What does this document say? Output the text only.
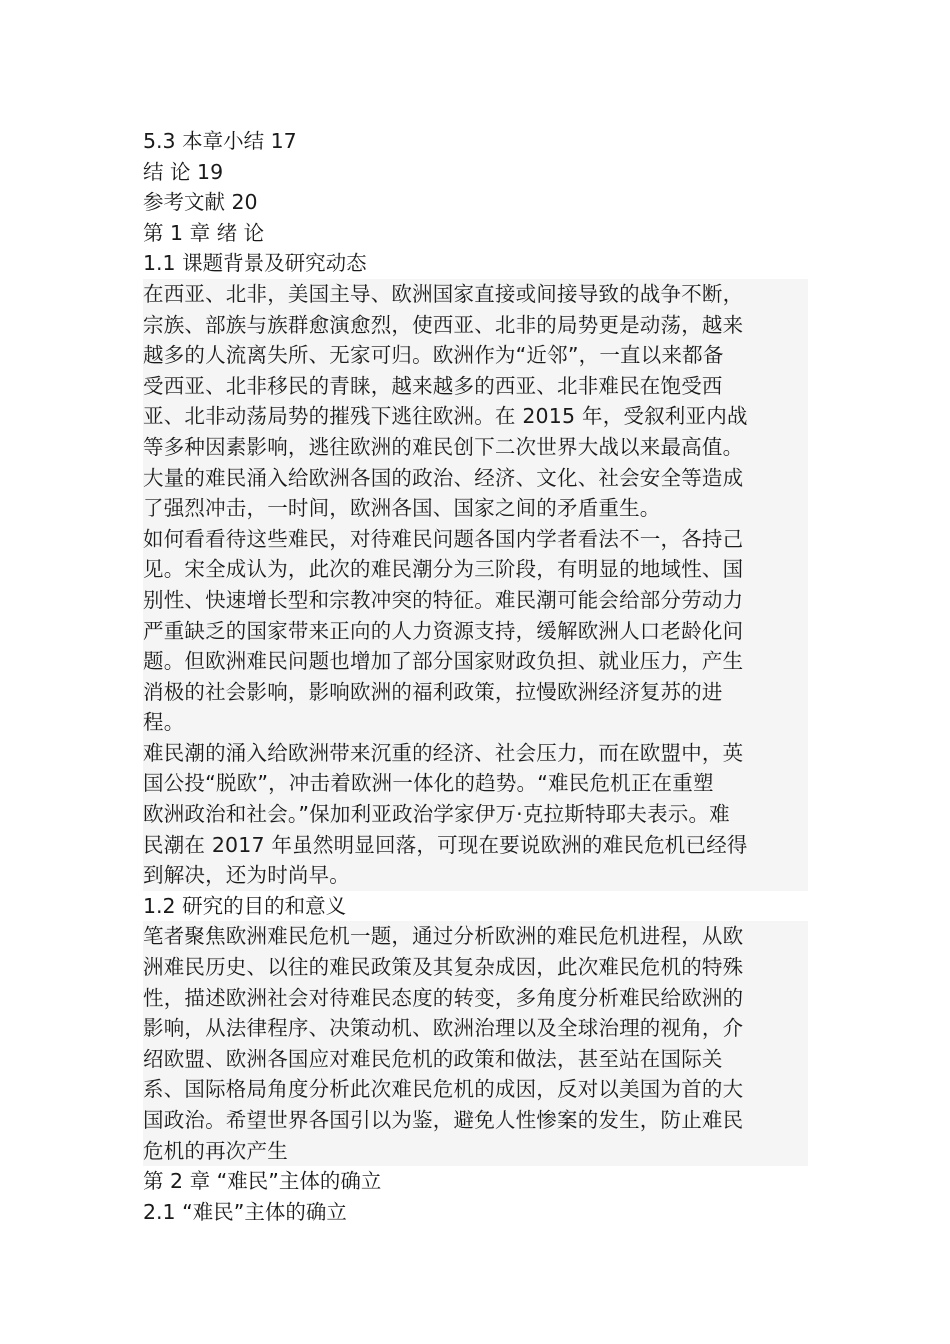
5.3 本章小结 17
结 论 19
参考文献 20
第 1 章 绪 论
1.1 课题背景及研究动态
在西亚、北非，美国主导、欧洲国家直接或间接导致的战争不断，
宗族、部族与族群愈演愈烈，使西亚、北非的局势更是动荡，越来
越多的人流离失所、无家可归。欧洲作为“近邻”，一直以来都备
受西亚、北非移民的青睐，越来越多的西亚、北非难民在饱受西
亚、北非动荡局势的摧残下逃往欧洲。在 2015 年，受叙利亚内战
等多种因素影响，逃往欧洲的难民创下二次世界大战以来最高值。
大量的难民涌入给欧洲各国的政治、经济、文化、社会安全等造成
了强烈冲击，一时间，欧洲各国、国家之间的矛盾重生。
如何看看待这些难民，对待难民问题各国内学者看法不一，各持己
见。宋全成认为，此次的难民潮分为三阶段，有明显的地域性、国
别性、快速增长型和宗教冲突的特征。难民潮可能会给部分劳动力
严重缺乏的国家带来正向的人力资源支持，缓解欧洲人口老龄化问
题。但欧洲难民问题也增加了部分国家财政负担、就业压力，产生
消极的社会影响，影响欧洲的福利政策，拉慢欧洲经济复苏的进
程。
难民潮的涌入给欧洲带来沉重的经济、社会压力，而在欧盟中，英
国公投“脱欧”，冲击着欧洲一体化的趋势。“难民危机正在重塑
欧洲政治和社会。”保加利亚政治学家伊万·克拉斯特耶夫表示。难
民潮在 2017 年虽然明显回落，可现在要说欧洲的难民危机已经得
到解决，还为时尚早。
1.2 研究的目的和意义
笔者聚焦欧洲难民危机一题，通过分析欧洲的难民危机进程，从欧
洲难民历史、以往的难民政策及其复杂成因，此次难民危机的特殊
性，描述欧洲社会对待难民态度的转变，多角度分析难民给欧洲的
影响，从法律程序、决策动机、欧洲治理以及全球治理的视角，介
绍欧盟、欧洲各国应对难民危机的政策和做法，甚至站在国际关
系、国际格局角度分析此次难民危机的成因，反对以美国为首的大
国政治。希望世界各国引以为鉴，避免人性惨案的发生，防止难民
危机的再次产生
第 2 章 “难民”主体的确立
2.1 “难民”主体的确立
